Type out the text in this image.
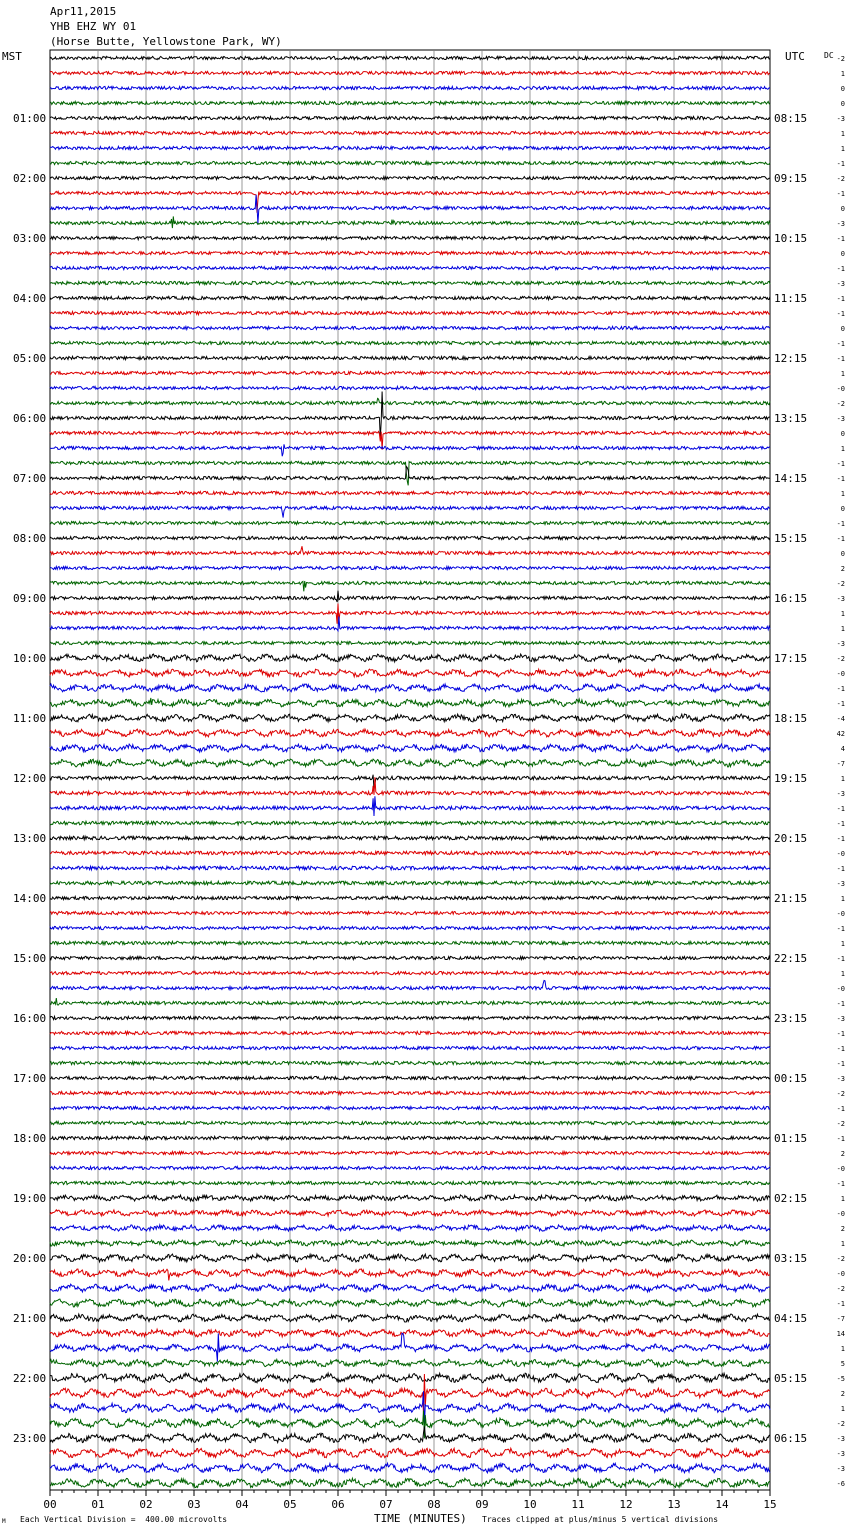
Apr11,2015
YHB EHZ WY 01
(Horse Butte, Yellowstone Park, WY)
MST	UTC DC
01:00
02:00
03:00
04:00
05:00
06:00
07:00
08:00
09:00
10:00
11:00
12:00
13:00
14:00
15:00
16:00
17:00
18:00
19:00
20:00
21:00
22:00
23:00
08:15
09:15
10:15
11:15
12:15
13:15
14:15
15:15
16:15
17:15
18:15
19:15
20:15
21:15
22:15
23:15
00:15
01:15
02:15
03:15
04:15
05:15
06:15
-2
1
0
0
-3
1
1
-1
-2
-1
0
-3
-1
0
-1
-3
-1
-1
0
-1
-1
1
-0
-2
-3
0
1
-1
-1
1
0
-1
-1
0
2
-2
-3
1
1
-3
-2
-0
-1
-1
-4
42
4
-7
1
-3
-1
-1
-1
-0
-1
-3
1
-0
-1
1
-1
1
-0
-1
-3
-1
-1
-1
-3
-2
-1
-2
-1
2
-0
-1
1
-0
2
1
-2
-0
-2
-1
-7
14
1
5
-5
2
1
-2
-3
-3
-3
-6
00	01	02	03	04	05	06	07	08	09	10	11	12	13	14	15
M Each Vertical Division =  400.00 microvolts	TIME (MINUTES) Traces clipped at plus/minus 5 vertical divisions
